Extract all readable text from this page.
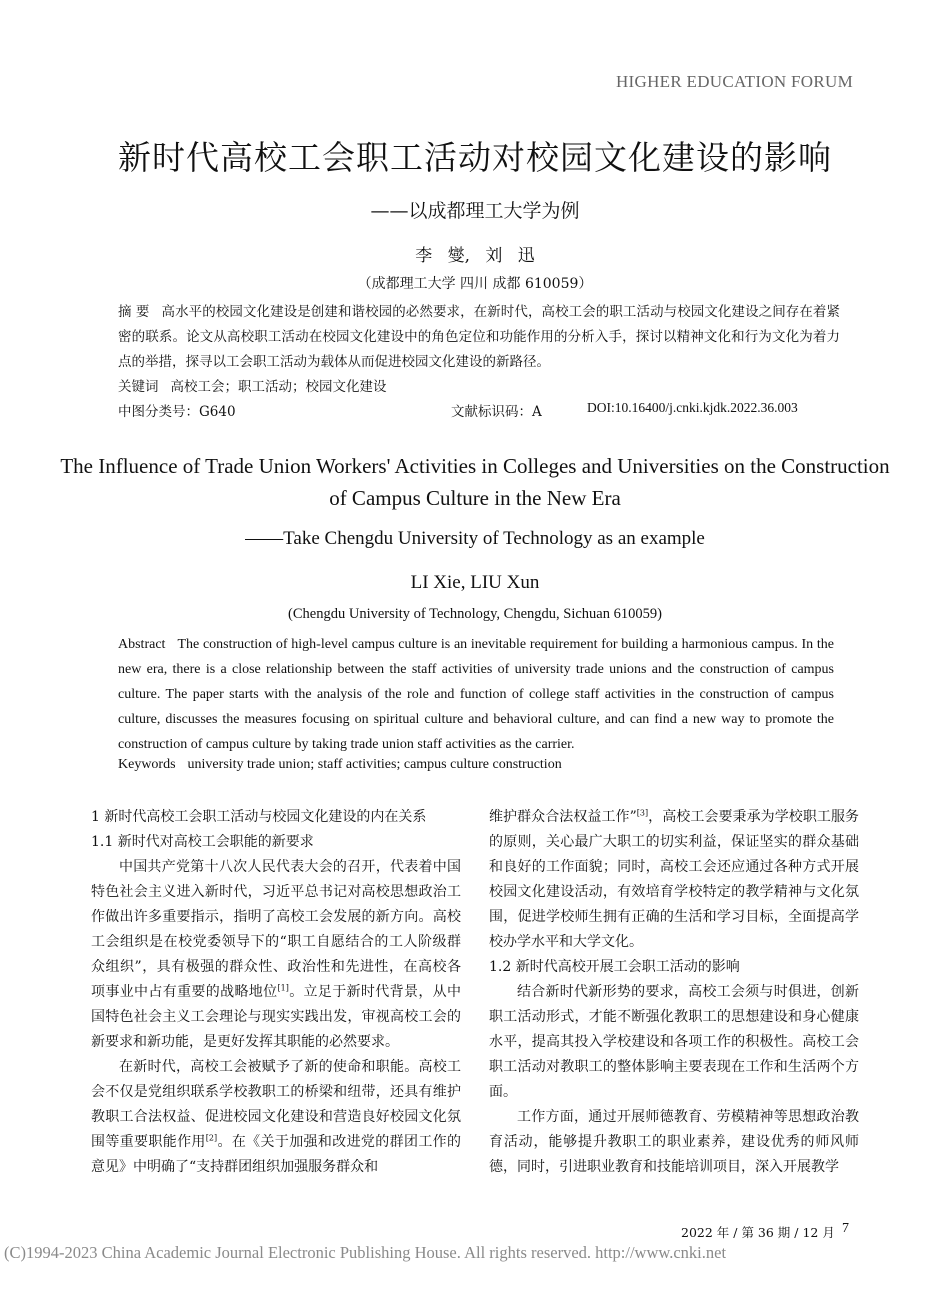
HIGHER EDUCATION FORUM
新时代高校工会职工活动对校园文化建设的影响
——以成都理工大学为例
李 燮, 刘 迅
（成都理工大学 四川 成都 610059）
摘 要 高水平的校园文化建设是创建和谐校园的必然要求，在新时代，高校工会的职工活动与校园文化建设之间存在着紧密的联系。论文从高校职工活动在校园文化建设中的角色定位和功能作用的分析入手，探讨以精神文化和行为文化为着力点的举措，探寻以工会职工活动为载体从而促进校园文化建设的新路径。
关键词 高校工会；职工活动；校园文化建设
中图分类号：G640	文献标识码：A	DOI:10.16400/j.cnki.kjdk.2022.36.003
The Influence of Trade Union Workers' Activities in Colleges and Universities on the Construction of Campus Culture in the New Era
——Take Chengdu University of Technology as an example
LI Xie, LIU Xun
(Chengdu University of Technology, Chengdu, Sichuan 610059)
Abstract The construction of high-level campus culture is an inevitable requirement for building a harmonious campus. In the new era, there is a close relationship between the staff activities of university trade unions and the construction of campus culture. The paper starts with the analysis of the role and function of college staff activities in the construction of campus culture, discusses the measures focusing on spiritual culture and behavioral culture, and can find a new way to promote the construction of campus culture by taking trade union staff activities as the carrier.
Keywords university trade union; staff activities; campus culture construction

1 新时代高校工会职工活动与校园文化建设的内在关系

1.1 新时代对高校工会职能的新要求

中国共产党第十八次人民代表大会的召开，代表着中国特色社会主义进入新时代，习近平总书记对高校思想政治工作做出许多重要指示，指明了高校工会发展的新方向。高校工会组织是在校党委领导下的“职工自愿结合的工人阶级群众组织”，具有极强的群众性、政治性和先进性，在高校各项事业中占有重要的战略地位[1]。立足于新时代背景，从中国特色社会主义工会理论与现实实践出发，审视高校工会的新要求和新功能，是更好发挥其职能的必然要求。

在新时代，高校工会被赋予了新的使命和职能。高校工会不仅是党组织联系学校教职工的桥梁和纽带，还具有维护教职工合法权益、促进校园文化建设和营造良好校园文化氛围等重要职能作用[2]。在《关于加强和改进党的群团工作的意见》中明确了“支持群团组织加强服务群众和

维护群众合法权益工作”[3]，高校工会要秉承为学校职工服务的原则，关心最广大职工的切实利益，保证坚实的群众基础和良好的工作面貌；同时，高校工会还应通过各种方式开展校园文化建设活动，有效培育学校特定的教学精神与文化氛围，促进学校师生拥有正确的生活和学习目标，全面提高学校办学水平和大学文化。

1.2 新时代高校开展工会职工活动的影响

结合新时代新形势的要求，高校工会须与时俱进，创新职工活动形式，才能不断强化教职工的思想建设和身心健康水平，提高其投入学校建设和各项工作的积极性。高校工会职工活动对教职工的整体影响主要表现在工作和生活两个方面。

工作方面，通过开展师德教育、劳模精神等思想政治教育活动，能够提升教职工的职业素养，建设优秀的师风师德，同时，引进职业教育和技能培训项目，深入开展教学

2022 年 / 第 36 期 / 12 月 7
(C)1994-2023 China Academic Journal Electronic Publishing House. All rights reserved. http://www.cnki.net
